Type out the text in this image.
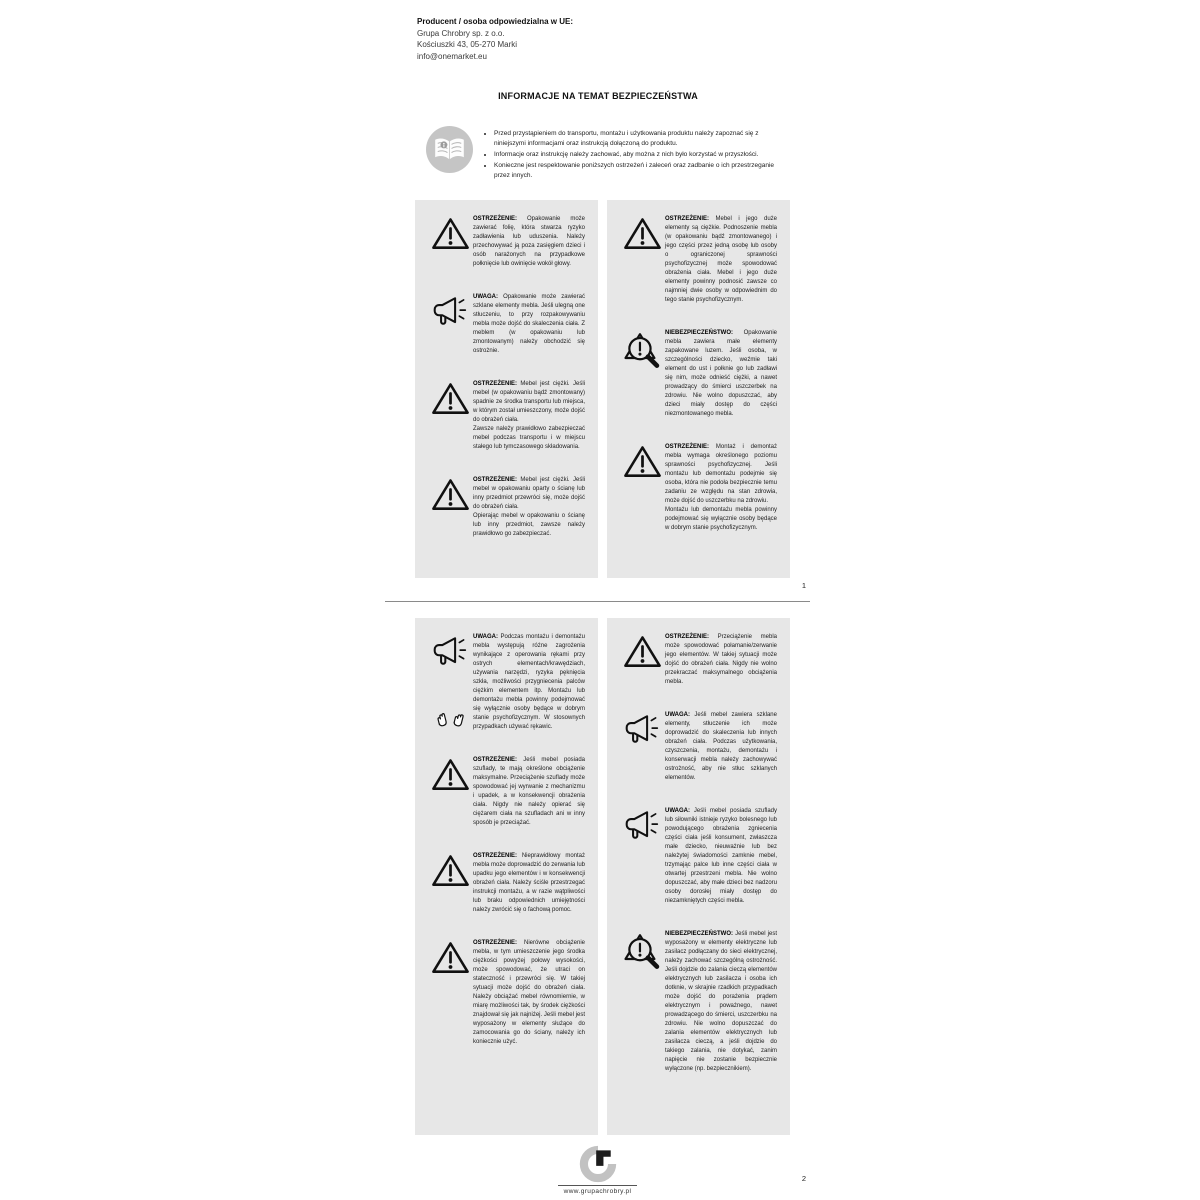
Producent / osoba odpowiedzialna w UE:
Grupa Chrobry sp. z o.o.
Kościuszki 43, 05-270 Marki
info@onemarket.eu
INFORMACJE NA TEMAT BEZPIECZEŃSTWA
• Przed przystąpieniem do transportu, montażu i użytkowania produktu należy zapoznać się z niniejszymi informacjami oraz instrukcją dołączoną do produktu.
• Informacje oraz instrukcję należy zachować, aby można z nich było korzystać w przyszłości.
• Konieczne jest respektowanie poniższych ostrzeżeń i zaleceń oraz zadbanie o ich przestrzeganie przez innych.

OSTRZEŻENIE: Opakowanie może zawierać folię, która stwarza ryzyko zadławienia lub uduszenia. Należy przechowywać ją poza zasięgiem dzieci i osób narażonych na przypadkowe połknięcie lub owinięcie wokół głowy.

UWAGA: Opakowanie może zawierać szklane elementy mebla. Jeśli ulegną one stłuczeniu, to przy rozpakowywaniu mebla może dojść do skaleczenia ciała. Z meblem (w opakowaniu lub zmontowanym) należy obchodzić się ostrożnie.

OSTRZEŻENIE: Mebel jest ciężki. Jeśli mebel (w opakowaniu bądź zmontowany) spadnie ze środka transportu lub miejsca, w którym został umieszczony, może dojść do obrażeń ciała.

Zawsze należy prawidłowo zabezpieczać mebel podczas transportu i w miejscu stałego lub tymczasowego składowania.

OSTRZEŻENIE: Mebel jest ciężki. Jeśli mebel w opakowaniu oparty o ścianę lub inny przedmiot przewróci się, może dojść do obrażeń ciała.

Opierając mebel w opakowaniu o ścianę lub inny przedmiot, zawsze należy prawidłowo go zabezpieczać.

OSTRZEŻENIE: Mebel i jego duże elementy są ciężkie. Podnoszenie mebla (w opakowaniu bądź zmontowanego) i jego części przez jedną osobę lub osoby o ograniczonej sprawności psychofizycznej może spowodować obrażenia ciała. Mebel i jego duże elementy powinny podnosić zawsze co najmniej dwie osoby w odpowiednim do tego stanie psychofizycznym.

NIEBEZPIECZEŃSTWO: Opakowanie mebla zawiera małe elementy zapakowane luzem. Jeśli osoba, w szczególności dziecko, weźmie taki element do ust i połknie go lub zadławi się nim, może odnieść ciężki, a nawet prowadzący do śmierci uszczerbek na zdrowiu. Nie wolno dopuszczać, aby dzieci miały dostęp do części niezmontowanego mebla.

OSTRZEŻENIE: Montaż i demontaż mebla wymaga określonego poziomu sprawności psychofizycznej. Jeśli montażu lub demontażu podejmie się osoba, która nie podoła bezpiecznie temu zadaniu ze względu na stan zdrowia, może dojść do uszczerbku na zdrowiu.

Montażu lub demontażu mebla powinny podejmować się wyłącznie osoby będące w dobrym stanie psychofizycznym.

1

UWAGA: Podczas montażu i demontażu mebla występują różne zagrożenia wynikające z operowania rękami przy ostrych elementach/krawędziach, używania narzędzi, ryzyka pęknięcia szkła, możliwości przygniecenia palców ciężkim elementem itp. Montażu lub demontażu mebla powinny podejmować się wyłącznie osoby będące w dobrym stanie psychofizycznym. W stosownych przypadkach używać rękawic.

OSTRZEŻENIE: Jeśli mebel posiada szuflady, te mają określone obciążenie maksymalne. Przeciążenie szuflady może spowodować jej wyrwanie z mechanizmu i upadek, a w konsekwencji obrażenia ciała. Nigdy nie należy opierać się ciężarem ciała na szufladach ani w inny sposób je przeciążać.

OSTRZEŻENIE: Nieprawidłowy montaż mebla może doprowadzić do zerwania lub upadku jego elementów i w konsekwencji obrażeń ciała. Należy ściśle przestrzegać instrukcji montażu, a w razie wątpliwości lub braku odpowiednich umiejętności należy zwrócić się o fachową pomoc.

OSTRZEŻENIE: Nierówne obciążenie mebla, w tym umieszczenie jego środka ciężkości powyżej połowy wysokości, może spowodować, że utraci on stateczność i przewróci się. W takiej sytuacji może dojść do obrażeń ciała. Należy obciążać mebel równomiernie, w miarę możliwości tak, by środek ciężkości znajdował się jak najniżej. Jeśli mebel jest wyposażony w elementy służące do zamocowania go do ściany, należy ich koniecznie użyć.

OSTRZEŻENIE: Przeciążenie mebla może spowodować połamanie/zerwanie jego elementów. W takiej sytuacji może dojść do obrażeń ciała. Nigdy nie wolno przekraczać maksymalnego obciążenia mebla.

UWAGA: Jeśli mebel zawiera szklane elementy, stłuczenie ich może doprowadzić do skaleczenia lub innych obrażeń ciała. Podczas użytkowania, czyszczenia, montażu, demontażu i konserwacji mebla należy zachowywać ostrożność, aby nie stłuc szklanych elementów.

UWAGA: Jeśli mebel posiada szuflady lub siłowniki istnieje ryzyko bolesnego lub powodującego obrażenia zgniecenia części ciała jeśli konsument, zwłaszcza małe dziecko, nieuważnie lub bez należytej świadomości zamknie mebel, trzymając palce lub inne części ciała w otwartej przestrzeni mebla. Nie wolno dopuszczać, aby małe dzieci bez nadzoru osoby dorosłej miały dostęp do niezamkniętych części mebla.

NIEBEZPIECZEŃSTWO: Jeśli mebel jest wyposażony w elementy elektryczne lub zasilacz podłączany do sieci elektrycznej, należy zachować szczególną ostrożność. Jeśli dojdzie do zalania cieczą elementów elektrycznych lub zasilacza i osoba ich dotknie, w skrajnie rzadkich przypadkach może dojść do porażenia prądem elektrycznym i poważnego, nawet prowadzącego do śmierci, uszczerbku na zdrowiu. Nie wolno dopuszczać do zalania elementów elektrycznych lub zasilacza cieczą, a jeśli dojdzie do takiego zalania, nie dotykać, zanim napięcie nie zostanie bezpiecznie wyłączone (np. bezpiecznikiem).

www.grupachrobry.pl
2
